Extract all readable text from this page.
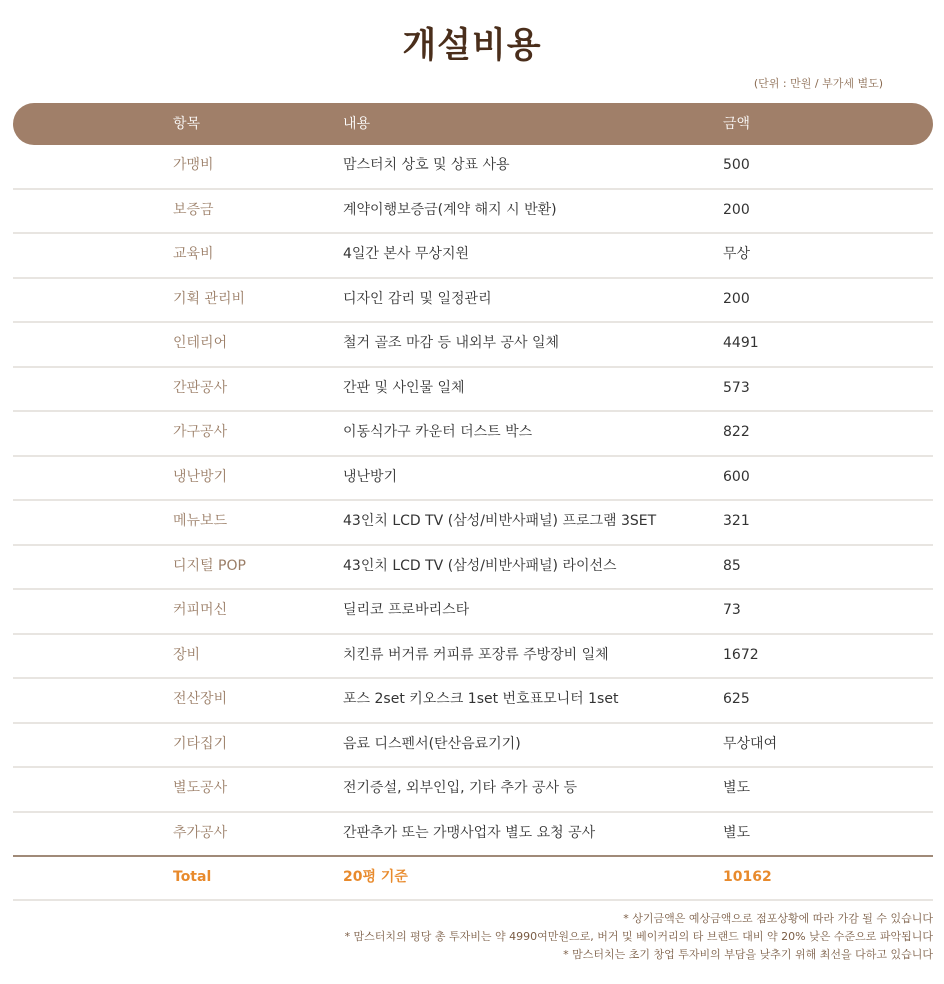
개설비용
(단위 : 만원 / 부가세 별도)
항목	내용	금액
가맹비	맘스터치 상호 및 상표 사용	500
보증금	계약이행보증금(계약 해지 시 반환)	200
교육비	4일간 본사 무상지원	무상
기획 관리비	디자인 감리 및 일정관리	200
인테리어	철거 골조 마감 등 내외부 공사 일체	4491
간판공사	간판 및 사인물 일체	573
가구공사	이동식가구 카운터 더스트 박스	822
냉난방기	냉난방기	600
메뉴보드	43인치 LCD TV (삼성/비반사패널) 프로그램 3SET	321
디지털 POP	43인치 LCD TV (삼성/비반사패널) 라이선스	85
커피머신	딜리코 프로바리스타	73
장비	치킨류 버거류 커피류 포장류 주방장비 일체	1672
전산장비	포스 2set 키오스크 1set 번호표모니터 1set	625
기타집기	음료 디스펜서(탄산음료기기)	무상대여
별도공사	전기증설, 외부인입, 기타 추가 공사 등	별도
추가공사	간판추가 또는 가맹사업자 별도 요청 공사	별도
Total	20평 기준	10162
* 상기금액은 예상금액으로 점포상황에 따라 가감 될 수 있습니다
* 맘스터치의 평당 총 투자비는 약 4990여만원으로, 버거 및 베이커리의 타 브랜드 대비 약 20% 낮은 수준으로 파악됩니다
* 맘스터치는 초기 창업 투자비의 부담을 낮추기 위해 최선을 다하고 있습니다
